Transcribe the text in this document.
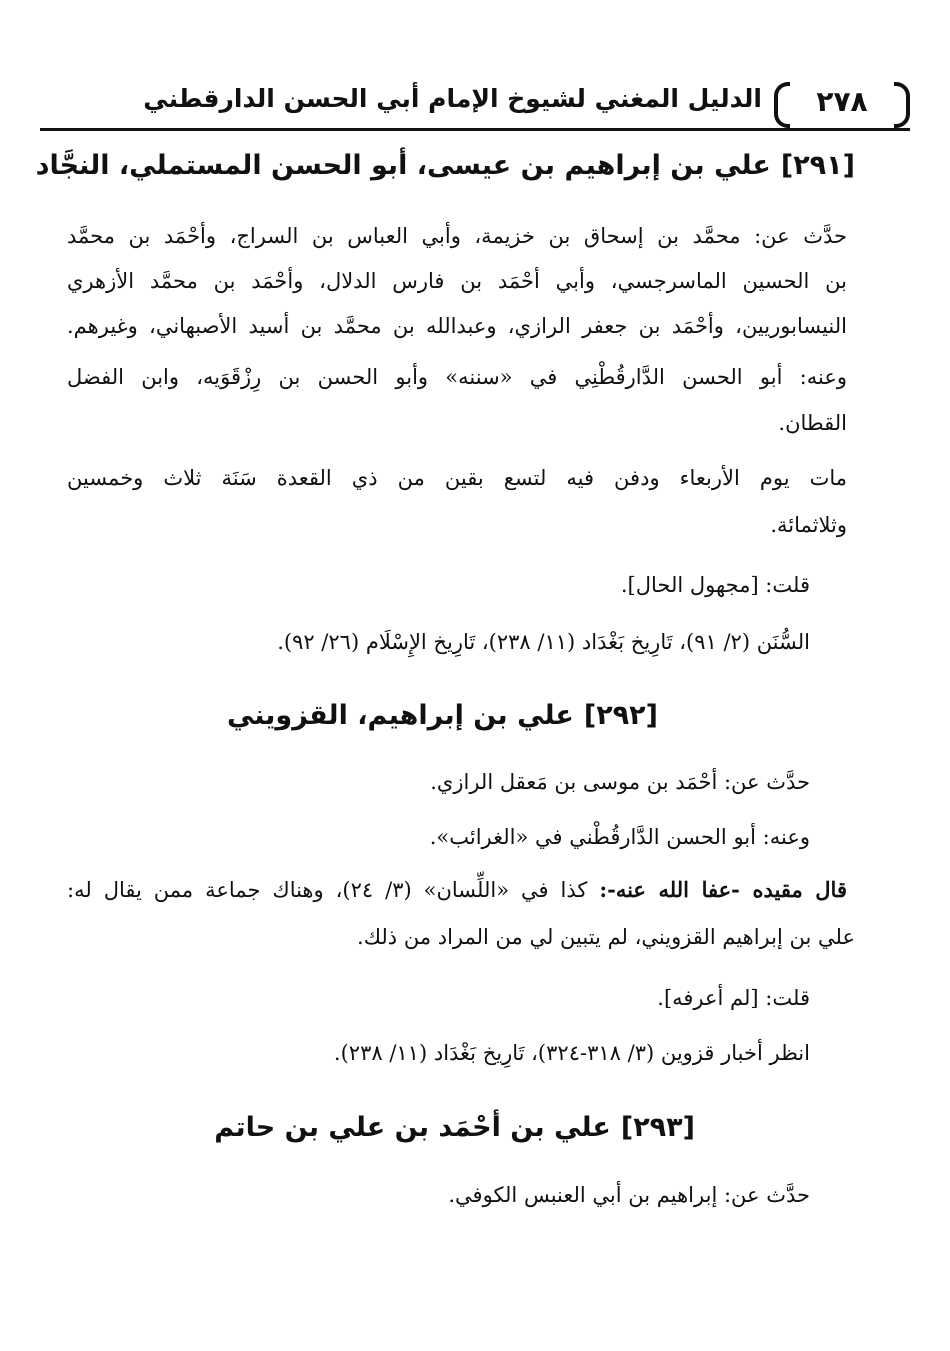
٢٧٨
الدليل المغني لشيوخ الإمام أبي الحسن الدارقطني
[٢٩١]علي بن إبراهيم بن عيسى، أبو الحسن المستملي، النجَّاد
حدَّث عن: محمَّد بن إسحاق بن خزيمة، وأبي العباس بن السراج، وأحْمَد بن محمَّد
بن الحسين الماسرجسي، وأبي أحْمَد بن فارس الدلال، وأحْمَد بن محمَّد الأزهري
النيسابوريين، وأحْمَد بن جعفر الرازي، وعبدالله بن محمَّد بن أسيد الأصبهاني، وغيرهم.
وعنه: أبو الحسن الدَّارقُطْنِي في «سننه» وأبو الحسن بن رِزْقَوَيه، وابن الفضل
القطان.
مات يوم الأربعاء ودفن فيه لتسع بقين من ذي القعدة سَنَة ثلاث وخمسين
وثلاثمائة.
قلت: [مجهول الحال].
السُّنَن (٢/ ٩١)، تَارِيخ بَغْدَاد (١١/ ٢٣٨)، تَارِيخ الإِسْلَام (٢٦/ ٩٢).
[٢٩٢]علي بن إبراهيم، القزويني
حدَّث عن: أحْمَد بن موسى بن مَعقل الرازي.
وعنه: أبو الحسن الدَّارقُطْني في «الغرائب».
قال مقيده -عفا الله عنه-: كذا في «اللِّسان» (٣/ ٢٤)، وهناك جماعة ممن يقال له:
علي بن إبراهيم القزويني، لم يتبين لي من المراد من ذلك.
قلت: [لم أعرفه].
انظر أخبار قزوين (٣/ ٣١٨-٣٢٤)، تَارِيخ بَغْدَاد (١١/ ٢٣٨).
[٢٩٣]علي بن أحْمَد بن علي بن حاتم
حدَّث عن: إبراهيم بن أبي العنبس الكوفي.
